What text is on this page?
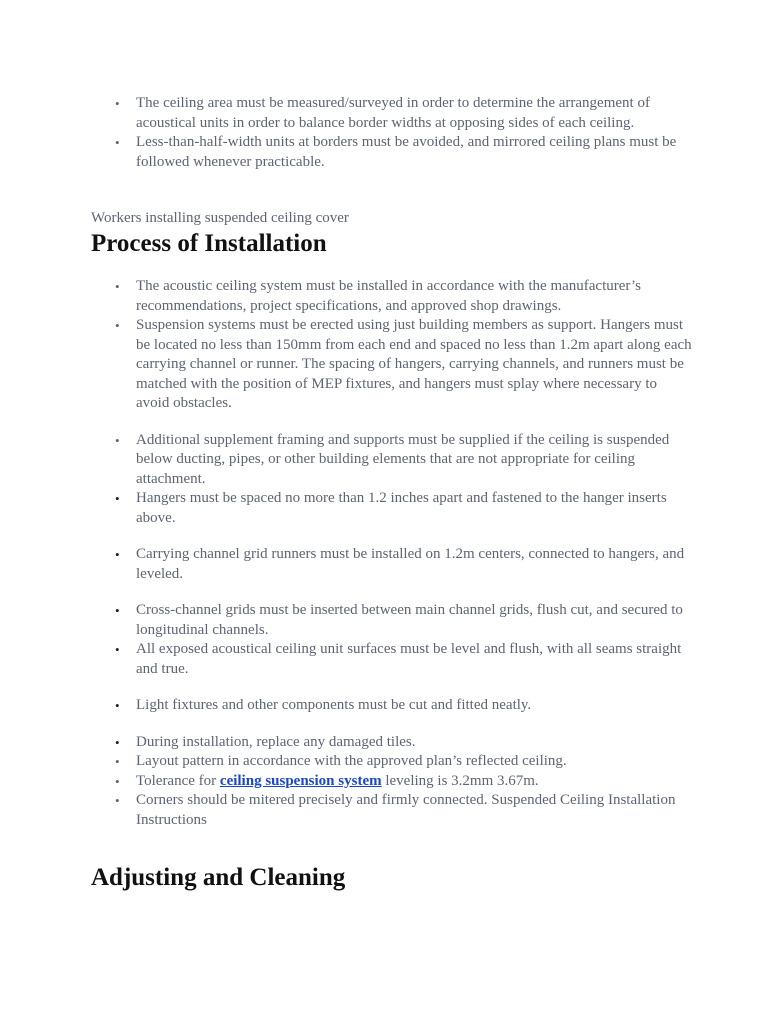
• The ceiling area must be measured/surveyed in order to determine the arrangement of acoustical units in order to balance border widths at opposing sides of each ceiling.
• Less-than-half-width units at borders must be avoided, and mirrored ceiling plans must be followed whenever practicable.

Workers installing suspended ceiling cover

Process of Installation
• The acoustic ceiling system must be installed in accordance with the manufacturer’s recommendations, project specifications, and approved shop drawings.
• Suspension systems must be erected using just building members as support. Hangers must be located no less than 150mm from each end and spaced no less than 1.2m apart along each carrying channel or runner. The spacing of hangers, carrying channels, and runners must be matched with the position of MEP fixtures, and hangers must splay where necessary to avoid obstacles.
• Additional supplement framing and supports must be supplied if the ceiling is suspended below ducting, pipes, or other building elements that are not appropriate for ceiling attachment.
• Hangers must be spaced no more than 1.2 inches apart and fastened to the hanger inserts above.
• Carrying channel grid runners must be installed on 1.2m centers, connected to hangers, and leveled.
• Cross-channel grids must be inserted between main channel grids, flush cut, and secured to longitudinal channels.
• All exposed acoustical ceiling unit surfaces must be level and flush, with all seams straight and true.
• Light fixtures and other components must be cut and fitted neatly.
• During installation, replace any damaged tiles.
• Layout pattern in accordance with the approved plan’s reflected ceiling.
• Tolerance for ceiling suspension system leveling is 3.2mm 3.67m.
• Corners should be mitered precisely and firmly connected. Suspended Ceiling Installation Instructions
Adjusting and Cleaning
